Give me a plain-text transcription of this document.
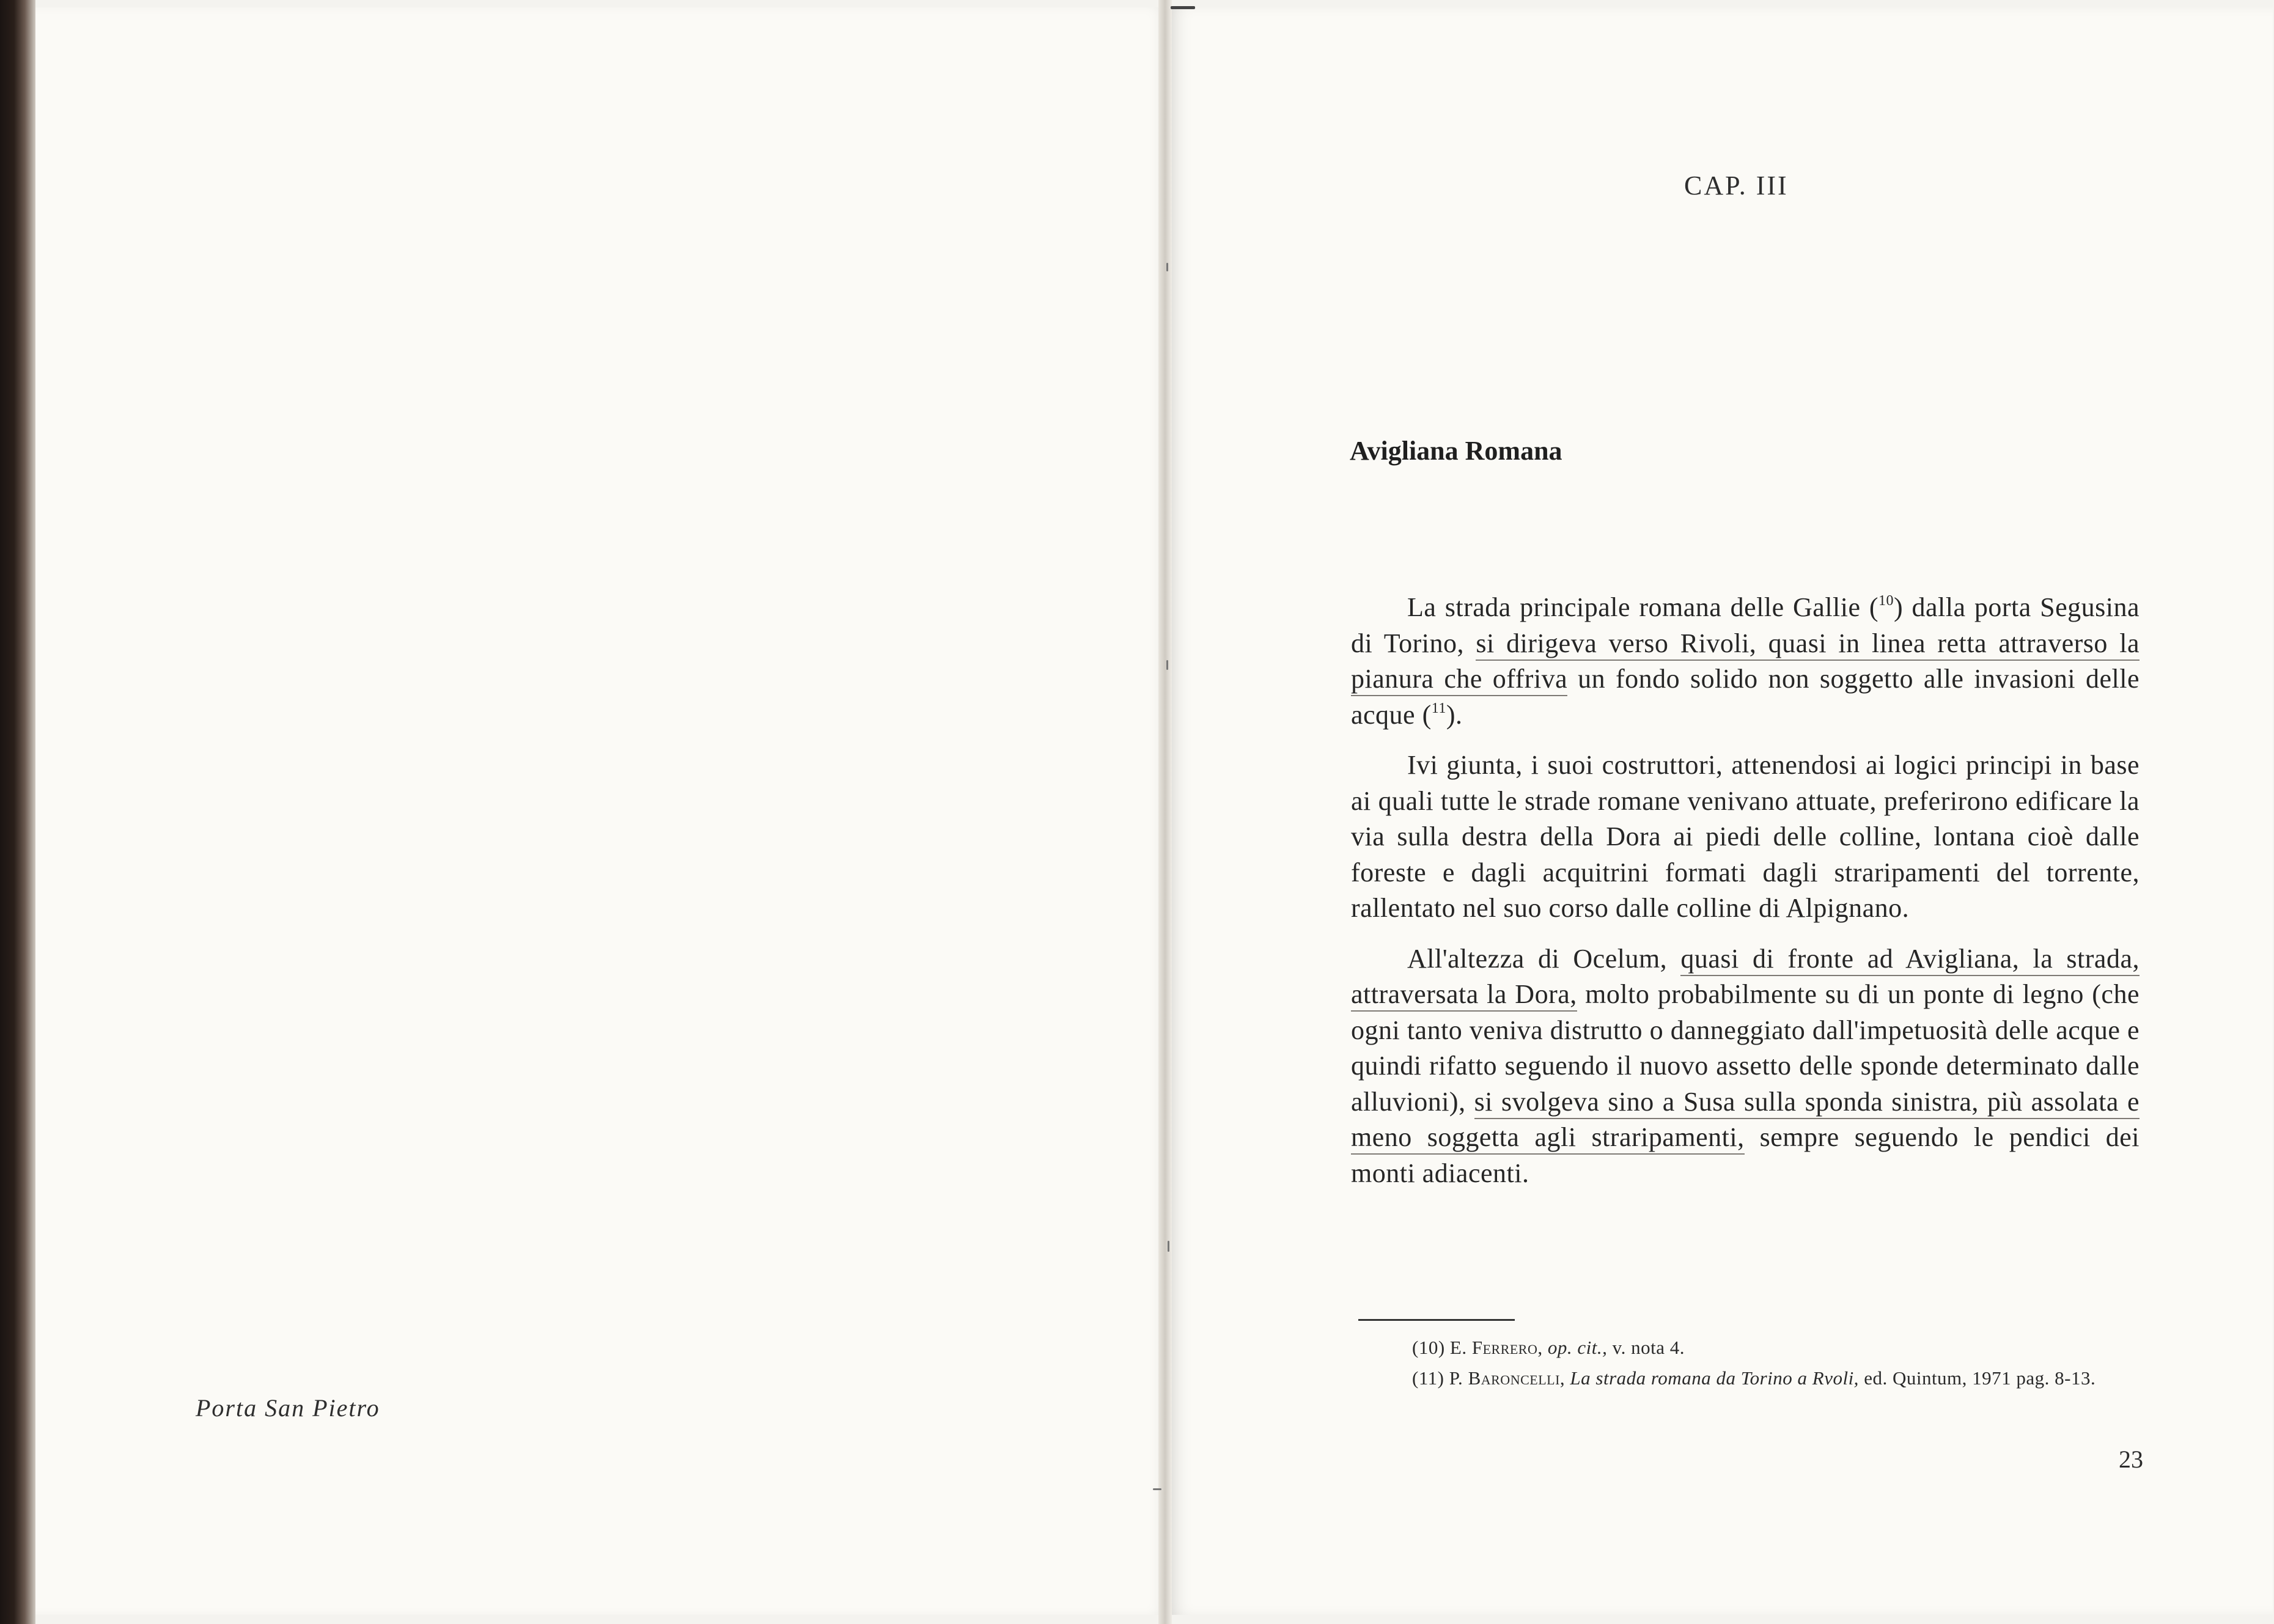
Porta San Pietro
CAP. III
Avigliana Romana

La strada principale romana delle Gallie ($^{10}$) dalla porta Segusina di Torino, si dirigeva verso Rivoli, quasi in linea retta attraverso la pianura che offriva un fondo solido non soggetto alle invasioni delle acque ($^{11}$).

Ivi giunta, i suoi costruttori, attenendosi ai logici principi in base ai quali tutte le strade romane venivano attuate, preferirono edificare la via sulla destra della Dora ai piedi delle colline, lontana cioè dalle foreste e dagli acquitrini formati dagli straripamenti del torrente, rallentato nel suo corso dalle colline di Alpignano.

All'altezza di Ocelum, quasi di fronte ad Avigliana, la strada, attraversata la Dora, molto probabilmente su di un ponte di legno (che ogni tanto veniva distrutto o danneggiato dall'impetuosità delle acque e quindi rifatto seguendo il nuovo assetto delle sponde determinato dalle alluvioni), si svolgeva sino a Susa sulla sponda sinistra, più assolata e meno soggetta agli straripamenti, sempre seguendo le pendici dei monti adiacenti.

(10) E. Ferrero, op. cit., v. nota 4.

(11) P. Baroncelli, La strada romana da Torino a Rvoli, ed. Quintum, 1971 pag. 8-13.

23
